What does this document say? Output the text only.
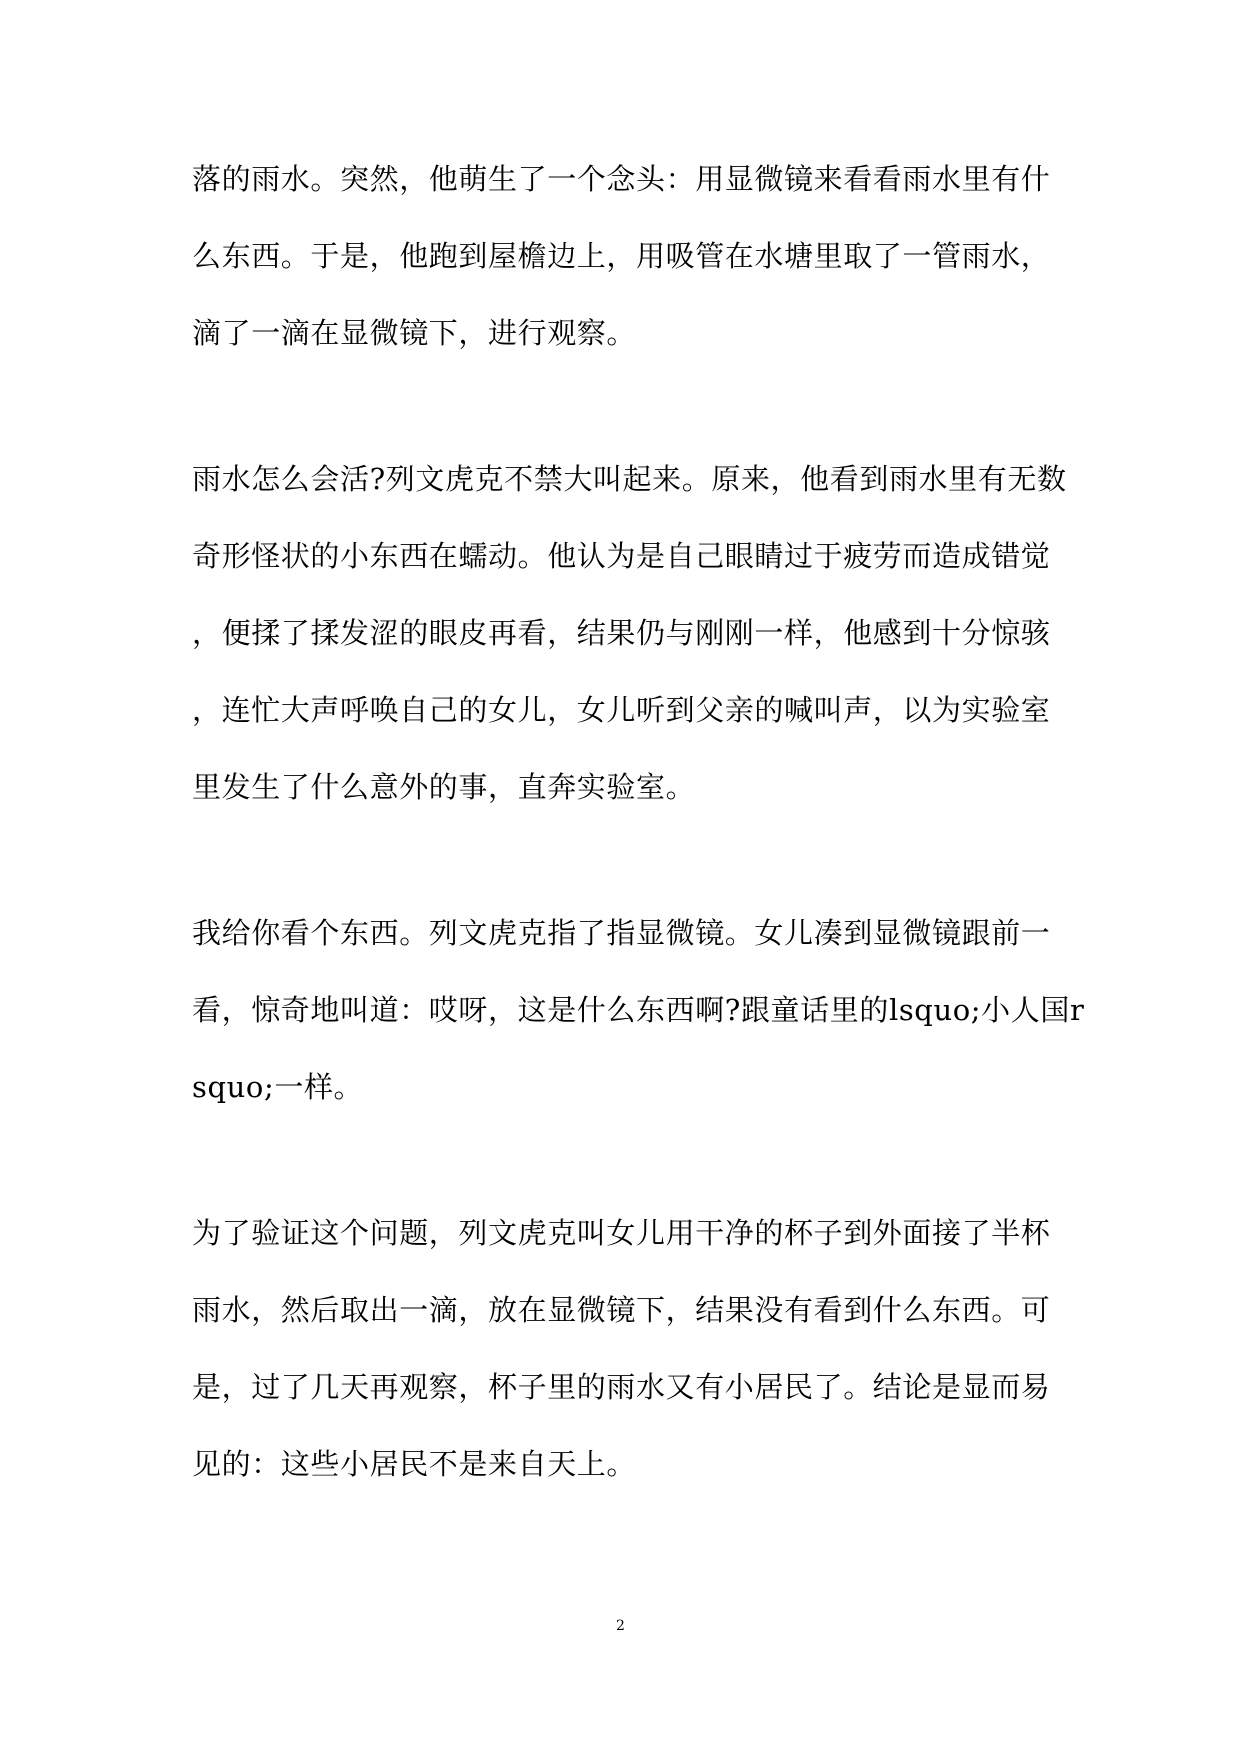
落的雨水。突然，他萌生了一个念头：用显微镜来看看雨水里有什
么东西。于是，他跑到屋檐边上，用吸管在水塘里取了一管雨水，
滴了一滴在显微镜下，进行观察。
雨水怎么会活?列文虎克不禁大叫起来。原来，他看到雨水里有无数
奇形怪状的小东西在蠕动。他认为是自己眼睛过于疲劳而造成错觉
，便揉了揉发涩的眼皮再看，结果仍与刚刚一样，他感到十分惊骇
，连忙大声呼唤自己的女儿，女儿听到父亲的喊叫声，以为实验室
里发生了什么意外的事，直奔实验室。
我给你看个东西。列文虎克指了指显微镜。女儿凑到显微镜跟前一
看，惊奇地叫道：哎呀，这是什么东西啊?跟童话里的lsquo;小人国r
squo;一样。
为了验证这个问题，列文虎克叫女儿用干净的杯子到外面接了半杯
雨水，然后取出一滴，放在显微镜下，结果没有看到什么东西。可
是，过了几天再观察，杯子里的雨水又有小居民了。结论是显而易
见的：这些小居民不是来自天上。
2
